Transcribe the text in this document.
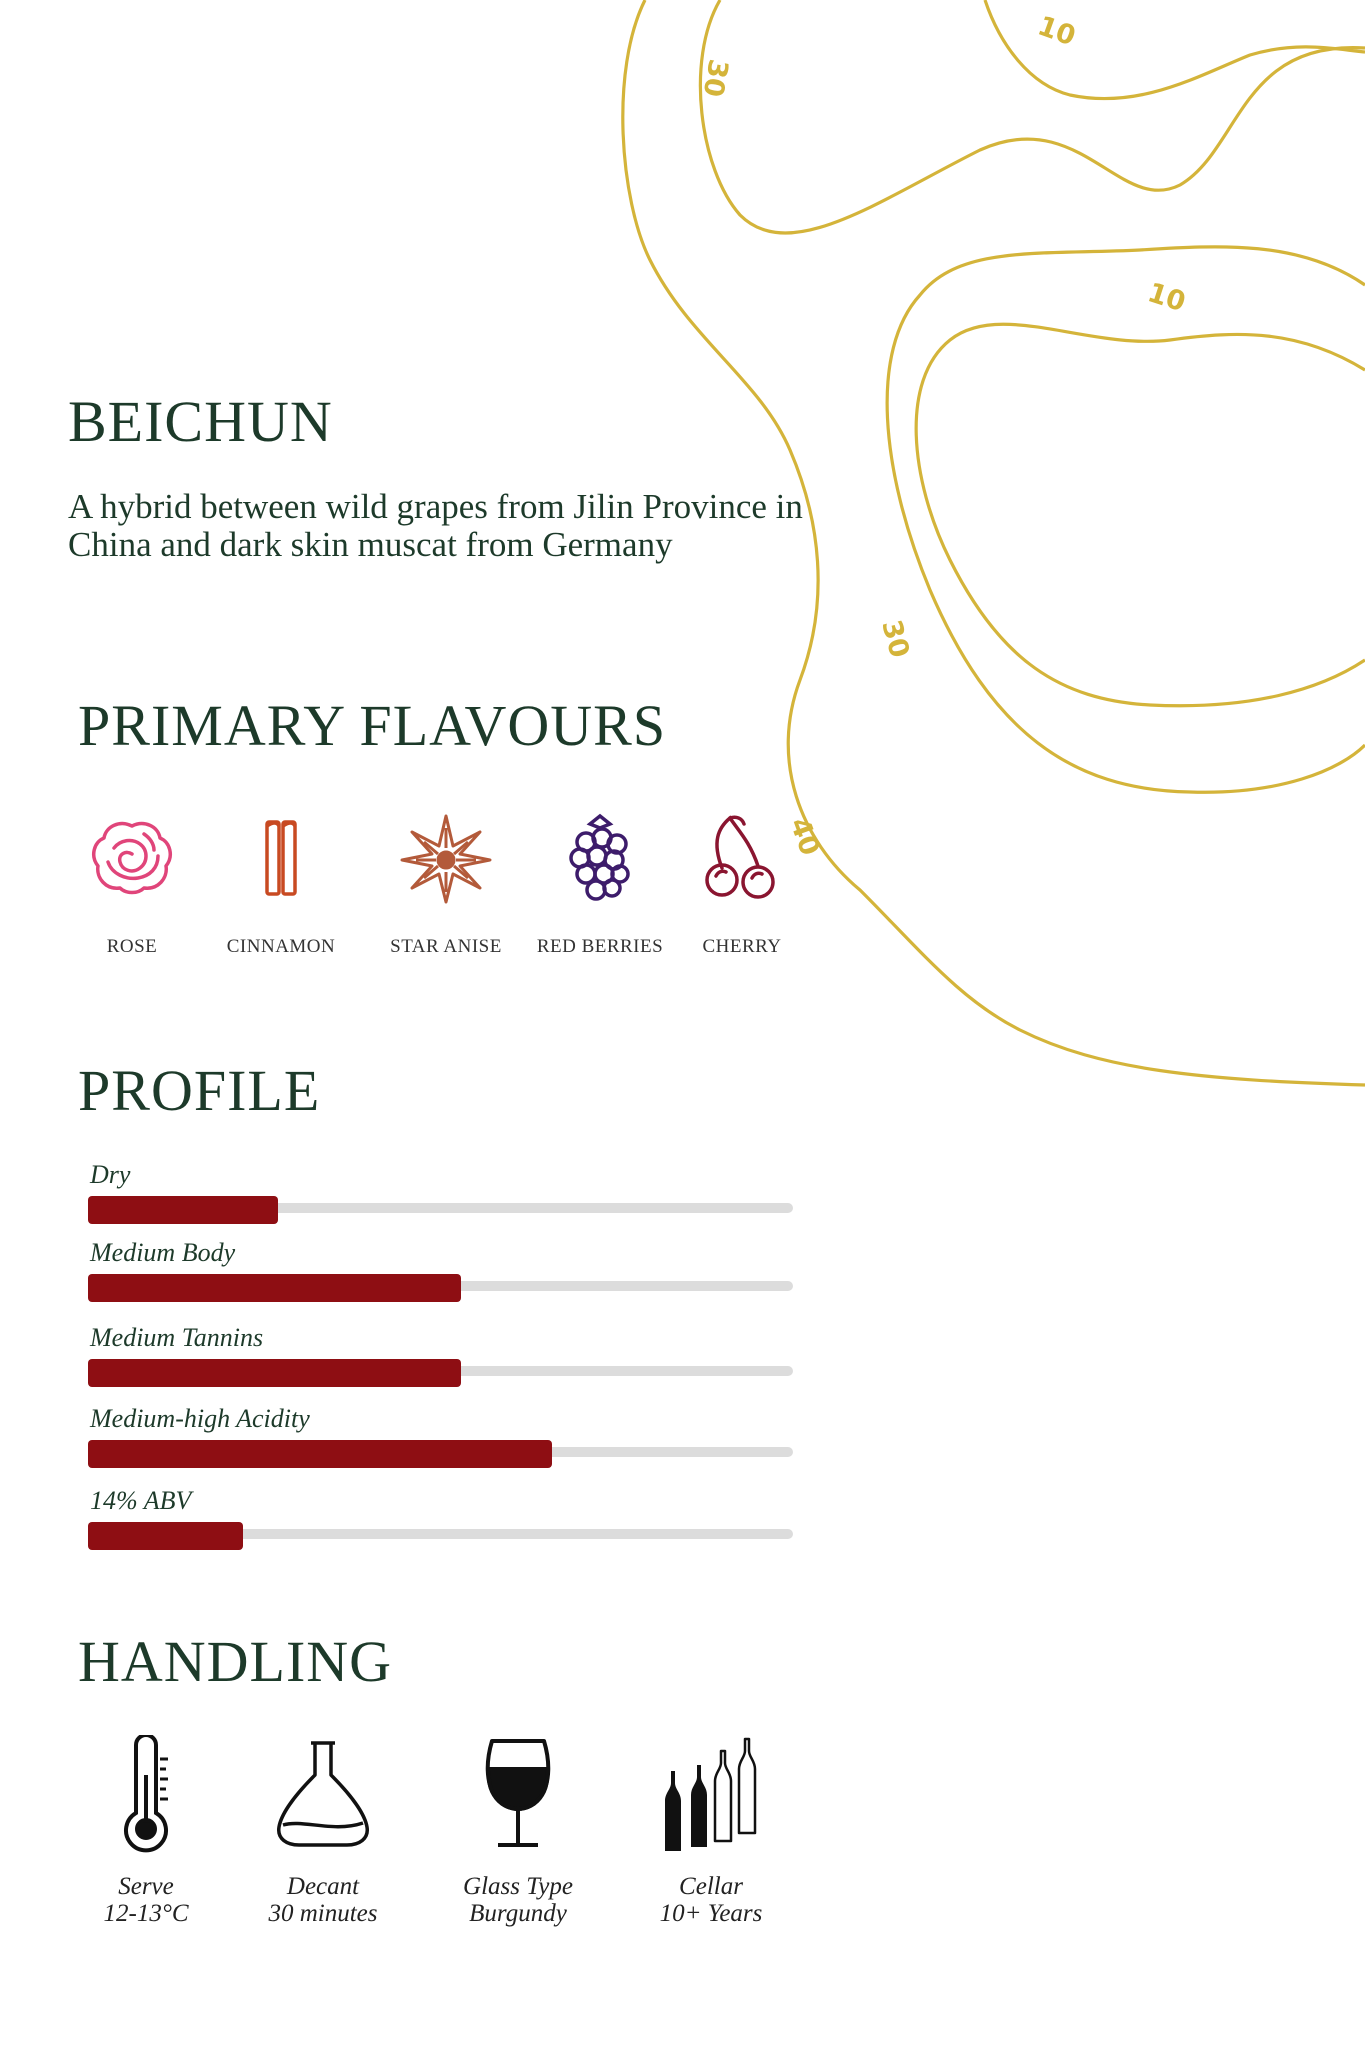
30
10
10
30
40
BEICHUN

A hybrid between wild grapes from Jilin Province in China and dark skin muscat from Germany

PRIMARY FLAVOURS
ROSE	CINNAMON	STAR ANISE	RED BERRIES	CHERRY
PROFILE
Dry
Medium Body
Medium Tannins
Medium-high Acidity
14% ABV
HANDLING
Serve
12-13°C
Decant
30 minutes
Glass Type
Burgundy
Cellar
10+ Years
